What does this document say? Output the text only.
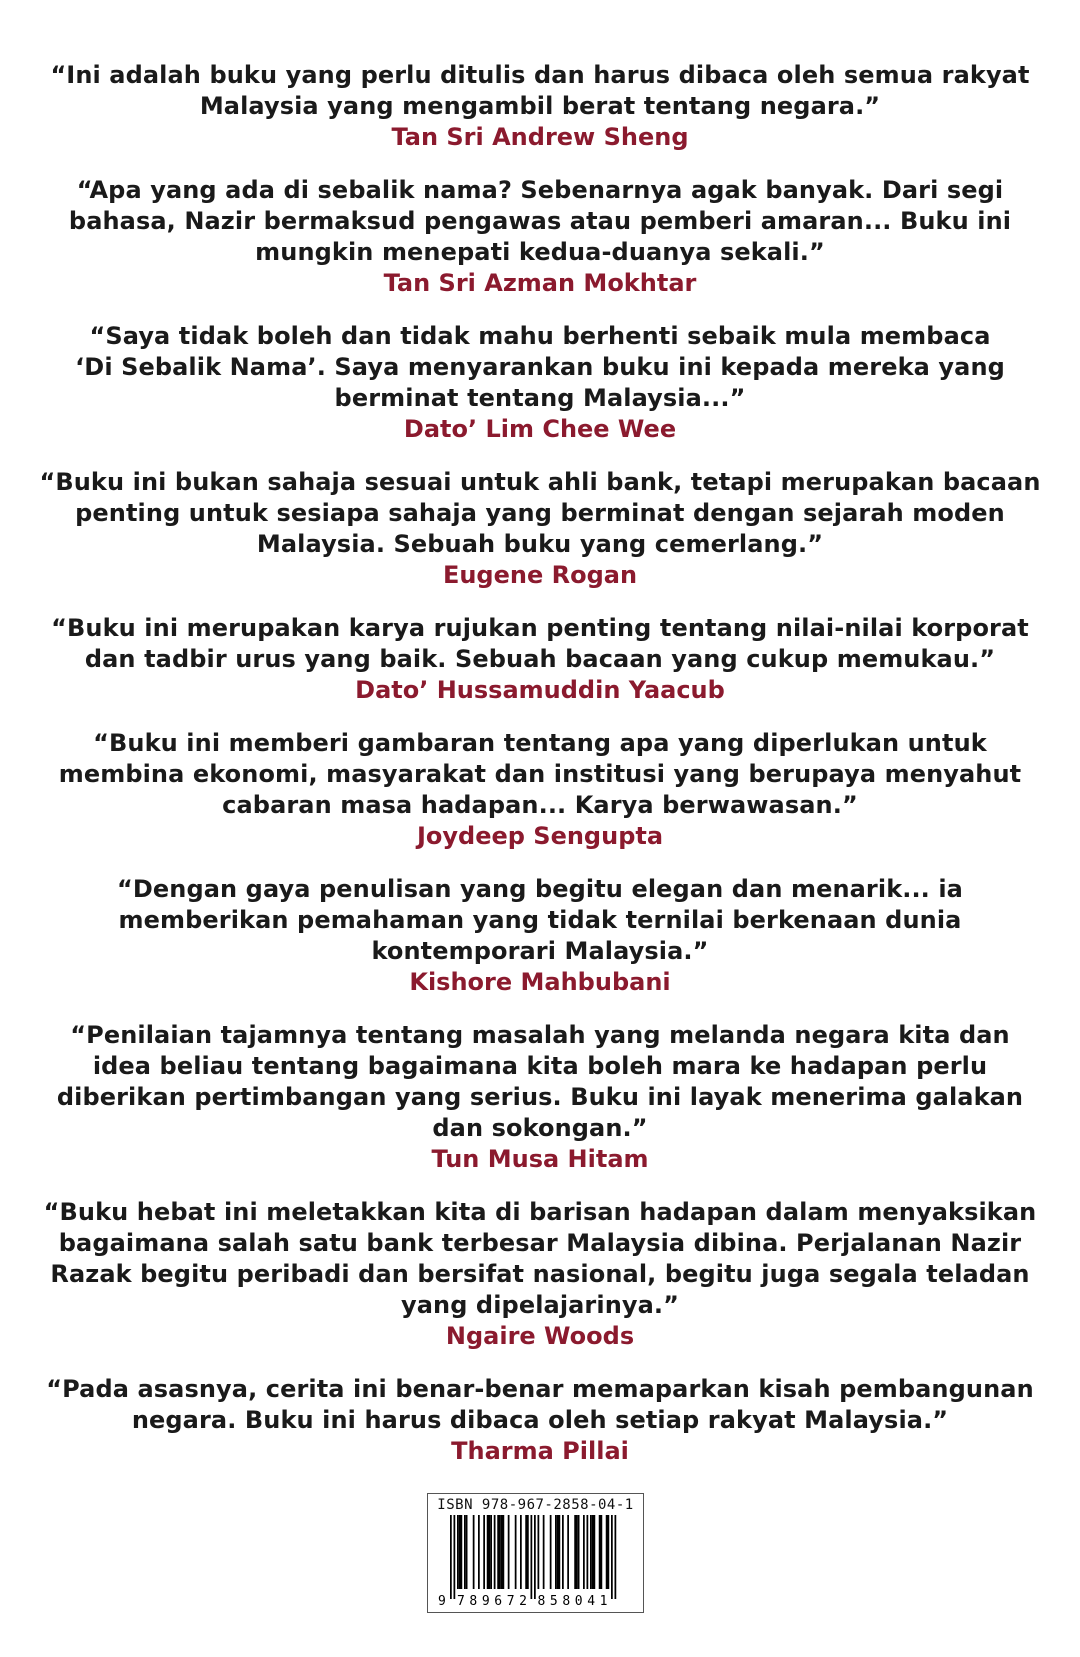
“Ini adalah buku yang perlu ditulis dan harus dibaca oleh semua rakyat
Malaysia yang mengambil berat tentang negara.”
Tan Sri Andrew Sheng
“Apa yang ada di sebalik nama? Sebenarnya agak banyak. Dari segi
bahasa, Nazir bermaksud pengawas atau pemberi amaran... Buku ini
mungkin menepati kedua-duanya sekali.”
Tan Sri Azman Mokhtar
“Saya tidak boleh dan tidak mahu berhenti sebaik mula membaca
‘Di Sebalik Nama’. Saya menyarankan buku ini kepada mereka yang
berminat tentang Malaysia...”
Dato’ Lim Chee Wee
“Buku ini bukan sahaja sesuai untuk ahli bank, tetapi merupakan bacaan
penting untuk sesiapa sahaja yang berminat dengan sejarah moden
Malaysia. Sebuah buku yang cemerlang.”
Eugene Rogan
“Buku ini merupakan karya rujukan penting tentang nilai-nilai korporat
dan tadbir urus yang baik. Sebuah bacaan yang cukup memukau.”
Dato’ Hussamuddin Yaacub
“Buku ini memberi gambaran tentang apa yang diperlukan untuk
membina ekonomi, masyarakat dan institusi yang berupaya menyahut
cabaran masa hadapan... Karya berwawasan.”
Joydeep Sengupta
“Dengan gaya penulisan yang begitu elegan dan menarik... ia
memberikan pemahaman yang tidak ternilai berkenaan dunia
kontemporari Malaysia.”
Kishore Mahbubani
“Penilaian tajamnya tentang masalah yang melanda negara kita dan
idea beliau tentang bagaimana kita boleh mara ke hadapan perlu
diberikan pertimbangan yang serius. Buku ini layak menerima galakan
dan sokongan.”
Tun Musa Hitam
“Buku hebat ini meletakkan kita di barisan hadapan dalam menyaksikan
bagaimana salah satu bank terbesar Malaysia dibina. Perjalanan Nazir
Razak begitu peribadi dan bersifat nasional, begitu juga segala teladan
yang dipelajarinya.”
Ngaire Woods
“Pada asasnya, cerita ini benar-benar memaparkan kisah pembangunan
negara. Buku ini harus dibaca oleh setiap rakyat Malaysia.”
Tharma Pillai
ISBN 978-967-2858-04-1
9 789672 858041
